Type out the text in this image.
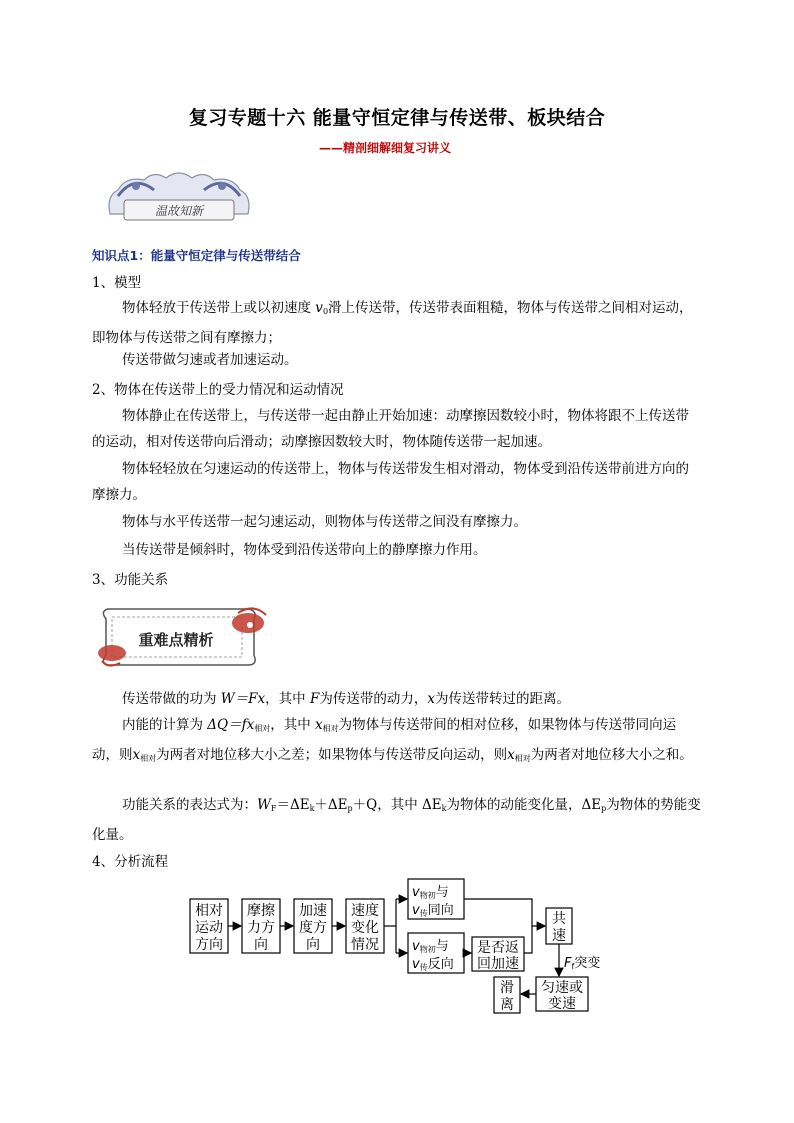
复习专题十六 能量守恒定律与传送带、板块结合
——精剖细解细复习讲义
温故知新
知识点1：能量守恒定律与传送带结合
1、模型
物体轻放于传送带上或以初速度 $v_0$滑上传送带，传送带表面粗糙，物体与传送带之间相对运动，即物体与传送带之间有摩擦力；
传送带做匀速或者加速运动。
2、物体在传送带上的受力情况和运动情况
物体静止在传送带上，与传送带一起由静止开始加速：动摩擦因数较小时，物体将跟不上传送带的运动，相对传送带向后滑动；动摩擦因数较大时，物体随传送带一起加速。
物体轻轻放在匀速运动的传送带上，物体与传送带发生相对滑动，物体受到沿传送带前进方向的摩擦力。
物体与水平传送带一起匀速运动，则物体与传送带之间没有摩擦力。
当传送带是倾斜时，物体受到沿传送带向上的静摩擦力作用。
3、功能关系
重难点精析
传送带做的功为 W＝Fx，其中 F为传送带的动力，x为传送带转过的距离。
内能的计算为 $\Delta Q=fx_{相对}$，其中 $x_{相对}$为物体与传送带间的相对位移，如果物体与传送带同向运动，则$x_{相对}$为两者对地位移大小之差；如果物体与传送带反向运动，则$x_{相对}$为两者对地位移大小之和。
功能关系的表达式为：$W_F=\Delta E_k+\Delta E_p+Q$，其中 $\Delta E_k$为物体的动能变化量，$\Delta E_p$为物体的势能变化量。
4、分析流程
相对
运动
方向
摩擦
力方
向
加速
度方
向
速度
变化
情况
v物初与
v传同向
v物初与
v传反向
是否返
回加速
共
速
匀速或
变速
滑
离
Ff突变
